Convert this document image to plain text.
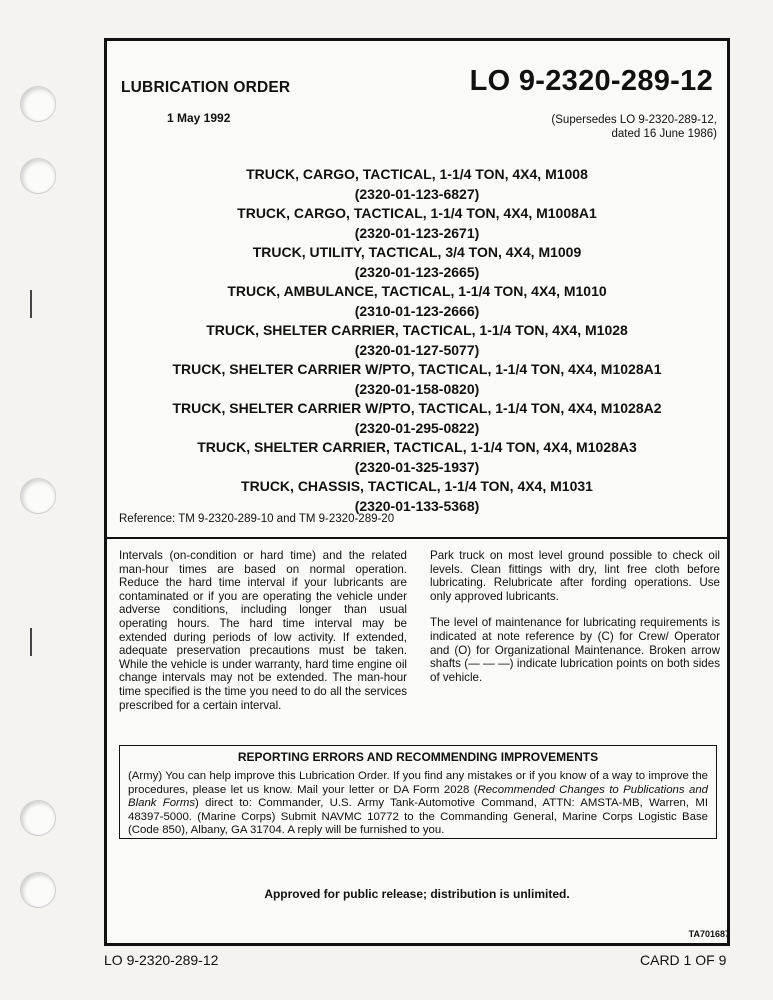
LUBRICATION ORDER	LO 9-2320-289-12
1 May 1992	(Supersedes LO 9-2320-289-12,
dated 16 June 1986)
TRUCK, CARGO, TACTICAL, 1-1/4 TON, 4X4, M1008
(2320-01-123-6827)
TRUCK, CARGO, TACTICAL, 1-1/4 TON, 4X4, M1008A1
(2320-01-123-2671)
TRUCK, UTILITY, TACTICAL, 3/4 TON, 4X4, M1009
(2320-01-123-2665)
TRUCK, AMBULANCE, TACTICAL, 1-1/4 TON, 4X4, M1010
(2310-01-123-2666)
TRUCK, SHELTER CARRIER, TACTICAL, 1-1/4 TON, 4X4, M1028
(2320-01-127-5077)
TRUCK, SHELTER CARRIER W/PTO, TACTICAL, 1-1/4 TON, 4X4, M1028A1
(2320-01-158-0820)
TRUCK, SHELTER CARRIER W/PTO, TACTICAL, 1-1/4 TON, 4X4, M1028A2
(2320-01-295-0822)
TRUCK, SHELTER CARRIER, TACTICAL, 1-1/4 TON, 4X4, M1028A3
(2320-01-325-1937)
TRUCK, CHASSIS, TACTICAL, 1-1/4 TON, 4X4, M1031
(2320-01-133-5368)
Reference: TM 9-2320-289-10 and TM 9-2320-289-20

Intervals (on-condition or hard time) and the related man-hour times are based on normal operation. Reduce the hard time interval if your lubricants are contaminated or if you are operating the vehicle under adverse conditions, including longer than usual operating hours. The hard time interval may be extended during periods of low activity. If extended, adequate preservation precautions must be taken. While the vehicle is under warranty, hard time engine oil change intervals may not be extended. The man-hour time specified is the time you need to do all the services prescribed for a certain interval.

Park truck on most level ground possible to check oil levels. Clean fittings with dry, lint free cloth before lubricating. Relubricate after fording operations. Use only approved lubricants.

The level of maintenance for lubricating requirements is indicated at note reference by (C) for Crew/ Operator and (O) for Organizational Maintenance. Broken arrow shafts (— — —) indicate lubrication points on both sides of vehicle.

REPORTING ERRORS AND RECOMMENDING IMPROVEMENTS
(Army) You can help improve this Lubrication Order. If you find any mistakes or if you know of a way to improve the procedures, please let us know. Mail your letter or DA Form 2028 (Recommended Changes to Publications and Blank Forms) direct to: Commander, U.S. Army Tank-Automotive Command, ATTN: AMSTA-MB, Warren, MI 48397-5000. (Marine Corps) Submit NAVMC 10772 to the Commanding General, Marine Corps Logistic Base (Code 850), Albany, GA 31704. A reply will be furnished to you.
Approved for public release; distribution is unlimited.
TA701687
LO 9-2320-289-12	CARD 1 OF 9
